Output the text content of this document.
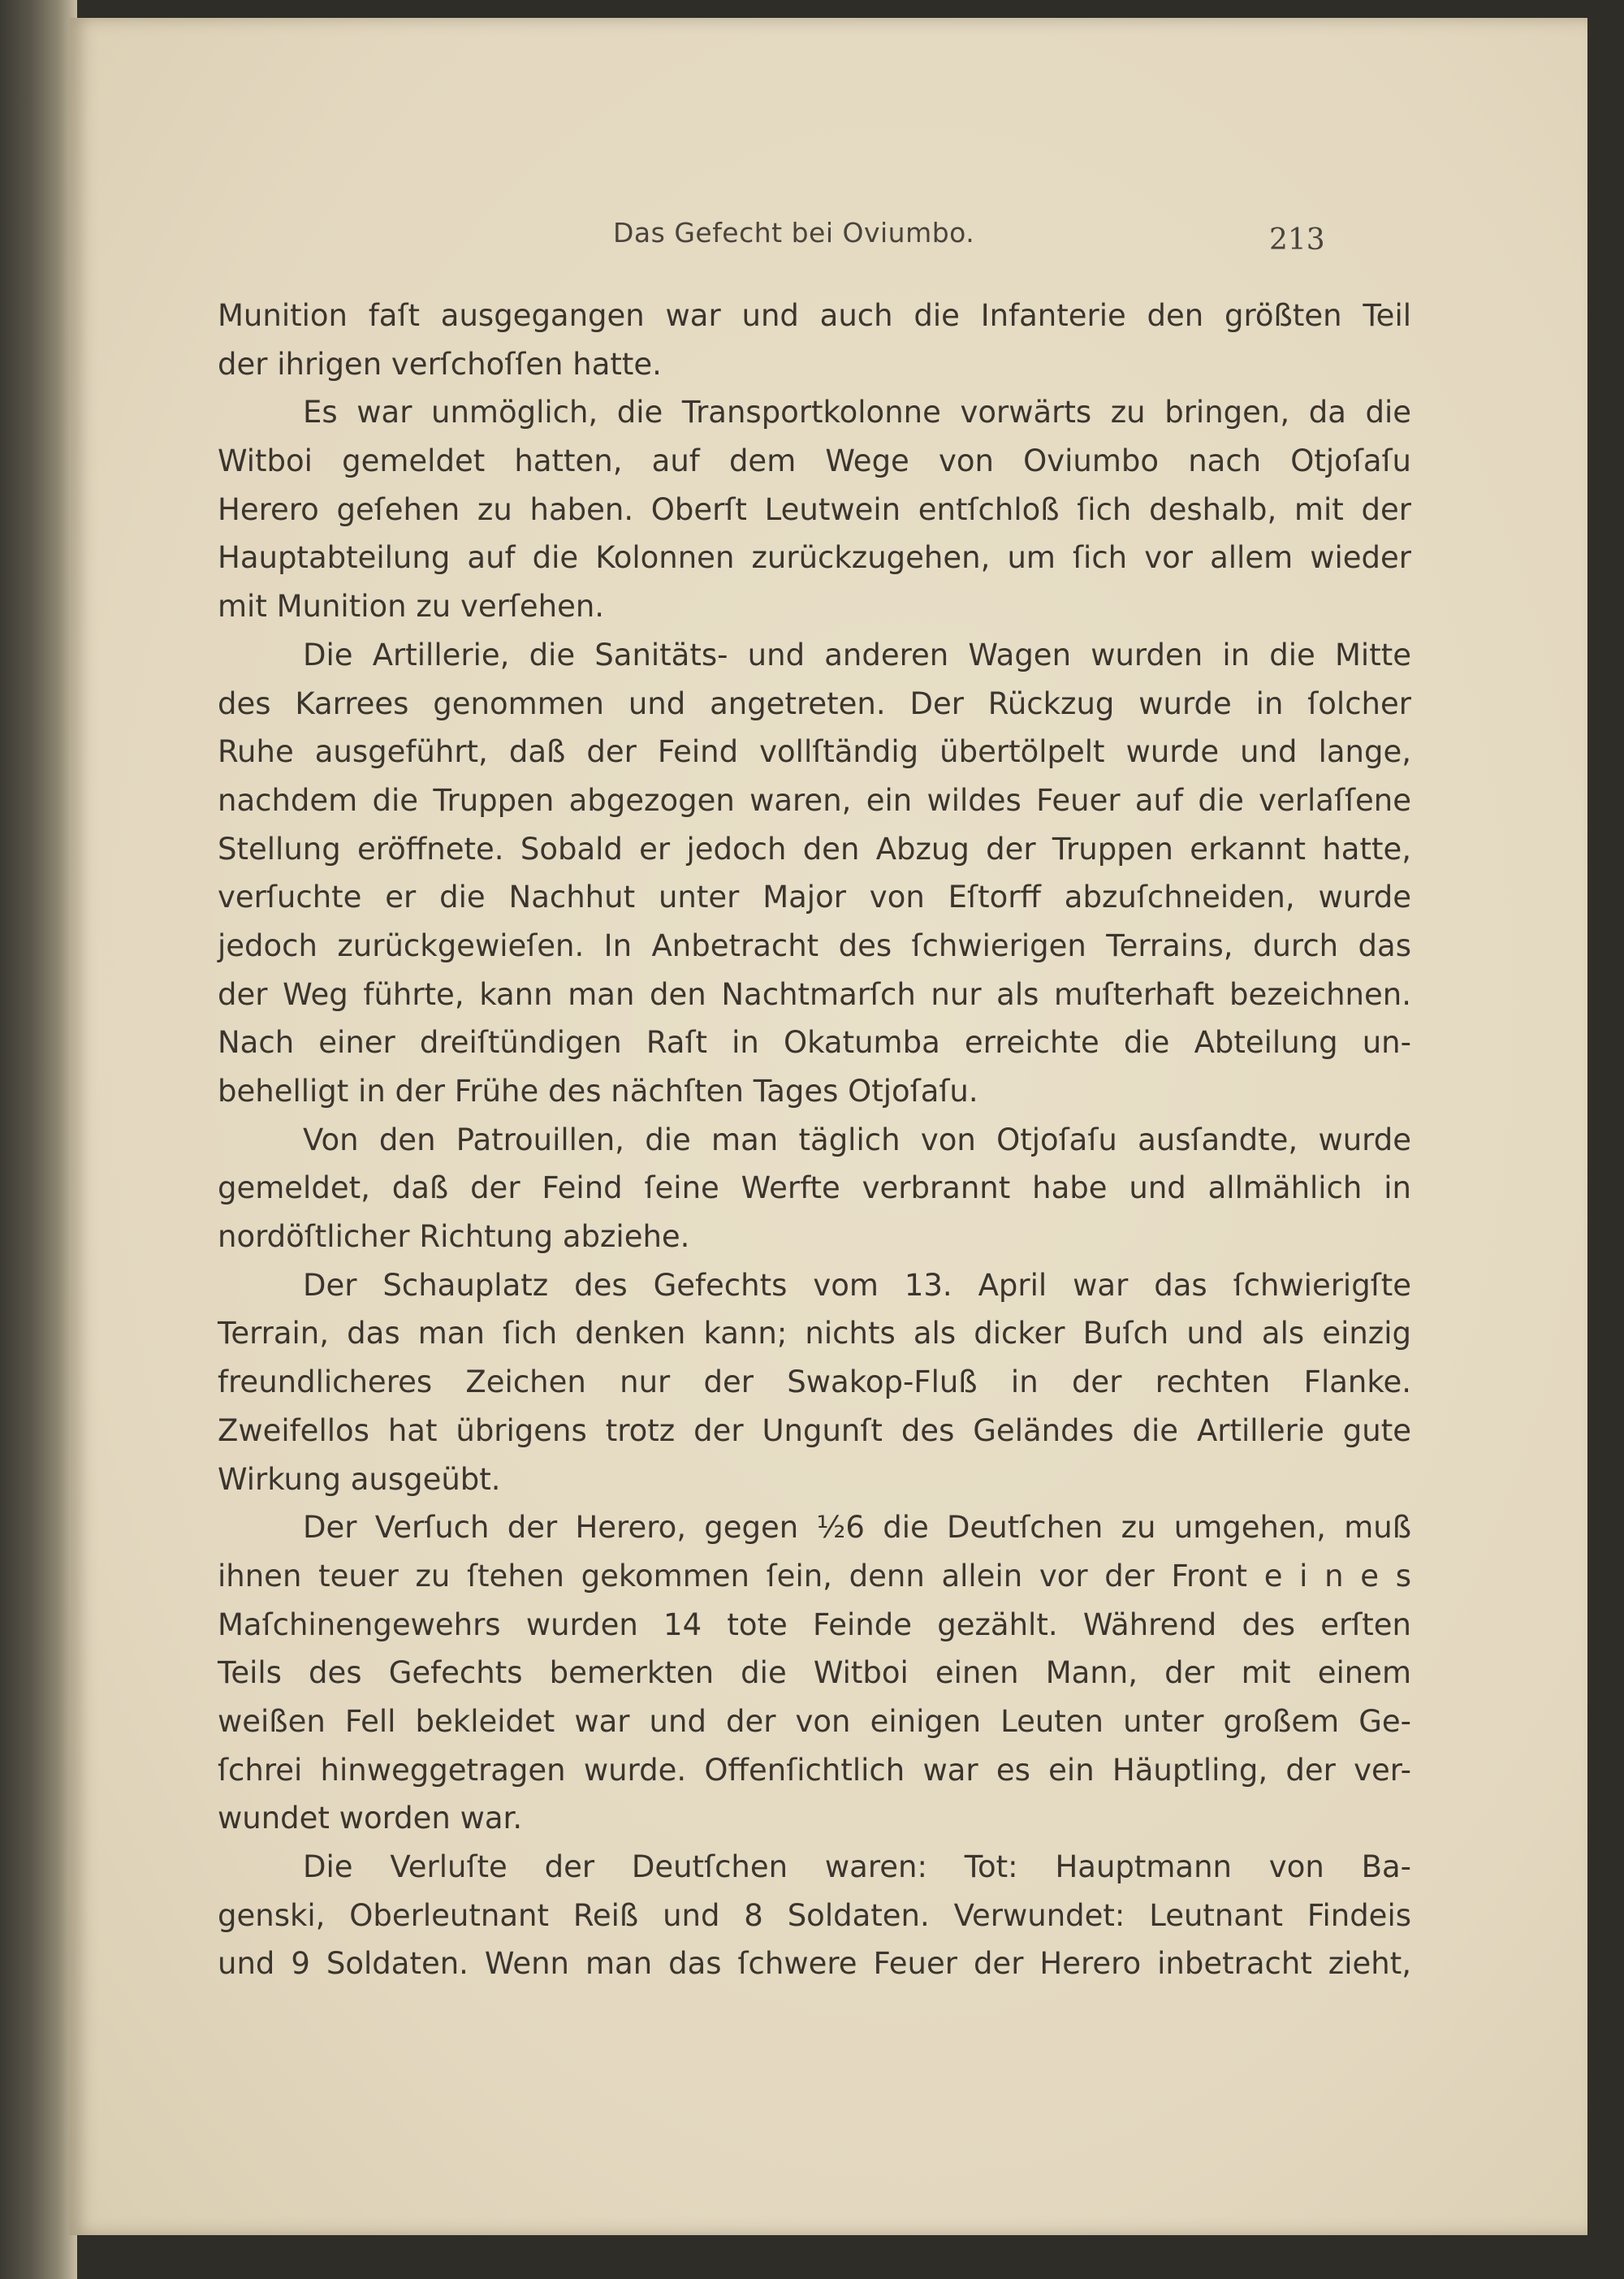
Das Gefecht bei Oviumbo.	213
Munition faſt ausgegangen war und auch die Infanterie den größten Teil
der ihrigen verſchoſſen hatte.
Es war unmöglich, die Transportkolonne vorwärts zu bringen, da die
Witboi gemeldet hatten, auf dem Wege von Oviumbo nach Otjoſaſu
Herero geſehen zu haben. Oberſt Leutwein entſchloß ſich deshalb, mit der
Hauptabteilung auf die Kolonnen zurückzugehen, um ſich vor allem wieder
mit Munition zu verſehen.
Die Artillerie, die Sanitäts- und anderen Wagen wurden in die Mitte
des Karrees genommen und angetreten. Der Rückzug wurde in ſolcher
Ruhe ausgeführt, daß der Feind vollſtändig übertölpelt wurde und lange,
nachdem die Truppen abgezogen waren, ein wildes Feuer auf die verlaſſene
Stellung eröffnete. Sobald er jedoch den Abzug der Truppen erkannt hatte,
verſuchte er die Nachhut unter Major von Eſtorff abzuſchneiden, wurde
jedoch zurückgewieſen. In Anbetracht des ſchwierigen Terrains, durch das
der Weg führte, kann man den Nachtmarſch nur als muſterhaft bezeichnen.
Nach einer dreiſtündigen Raſt in Okatumba erreichte die Abteilung un-
behelligt in der Frühe des nächſten Tages Otjoſaſu.
Von den Patrouillen, die man täglich von Otjoſaſu ausſandte, wurde
gemeldet, daß der Feind ſeine Werfte verbrannt habe und allmählich in
nordöſtlicher Richtung abziehe.
Der Schauplatz des Gefechts vom 13. April war das ſchwierigſte
Terrain, das man ſich denken kann; nichts als dicker Buſch und als einzig
freundlicheres Zeichen nur der Swakop-Fluß in der rechten Flanke.
Zweifellos hat übrigens trotz der Ungunſt des Geländes die Artillerie gute
Wirkung ausgeübt.
Der Verſuch der Herero, gegen ½6 die Deutſchen zu umgehen, muß
ihnen teuer zu ſtehen gekommen ſein, denn allein vor der Front e i n e s
Maſchinengewehrs wurden 14 tote Feinde gezählt. Während des erſten
Teils des Gefechts bemerkten die Witboi einen Mann, der mit einem
weißen Fell bekleidet war und der von einigen Leuten unter großem Ge-
ſchrei hinweggetragen wurde. Offenſichtlich war es ein Häuptling, der ver-
wundet worden war.
Die Verluſte der Deutſchen waren: Tot: Hauptmann von Ba-
genski, Oberleutnant Reiß und 8 Soldaten. Verwundet: Leutnant Findeis
und 9 Soldaten. Wenn man das ſchwere Feuer der Herero inbetracht zieht,
